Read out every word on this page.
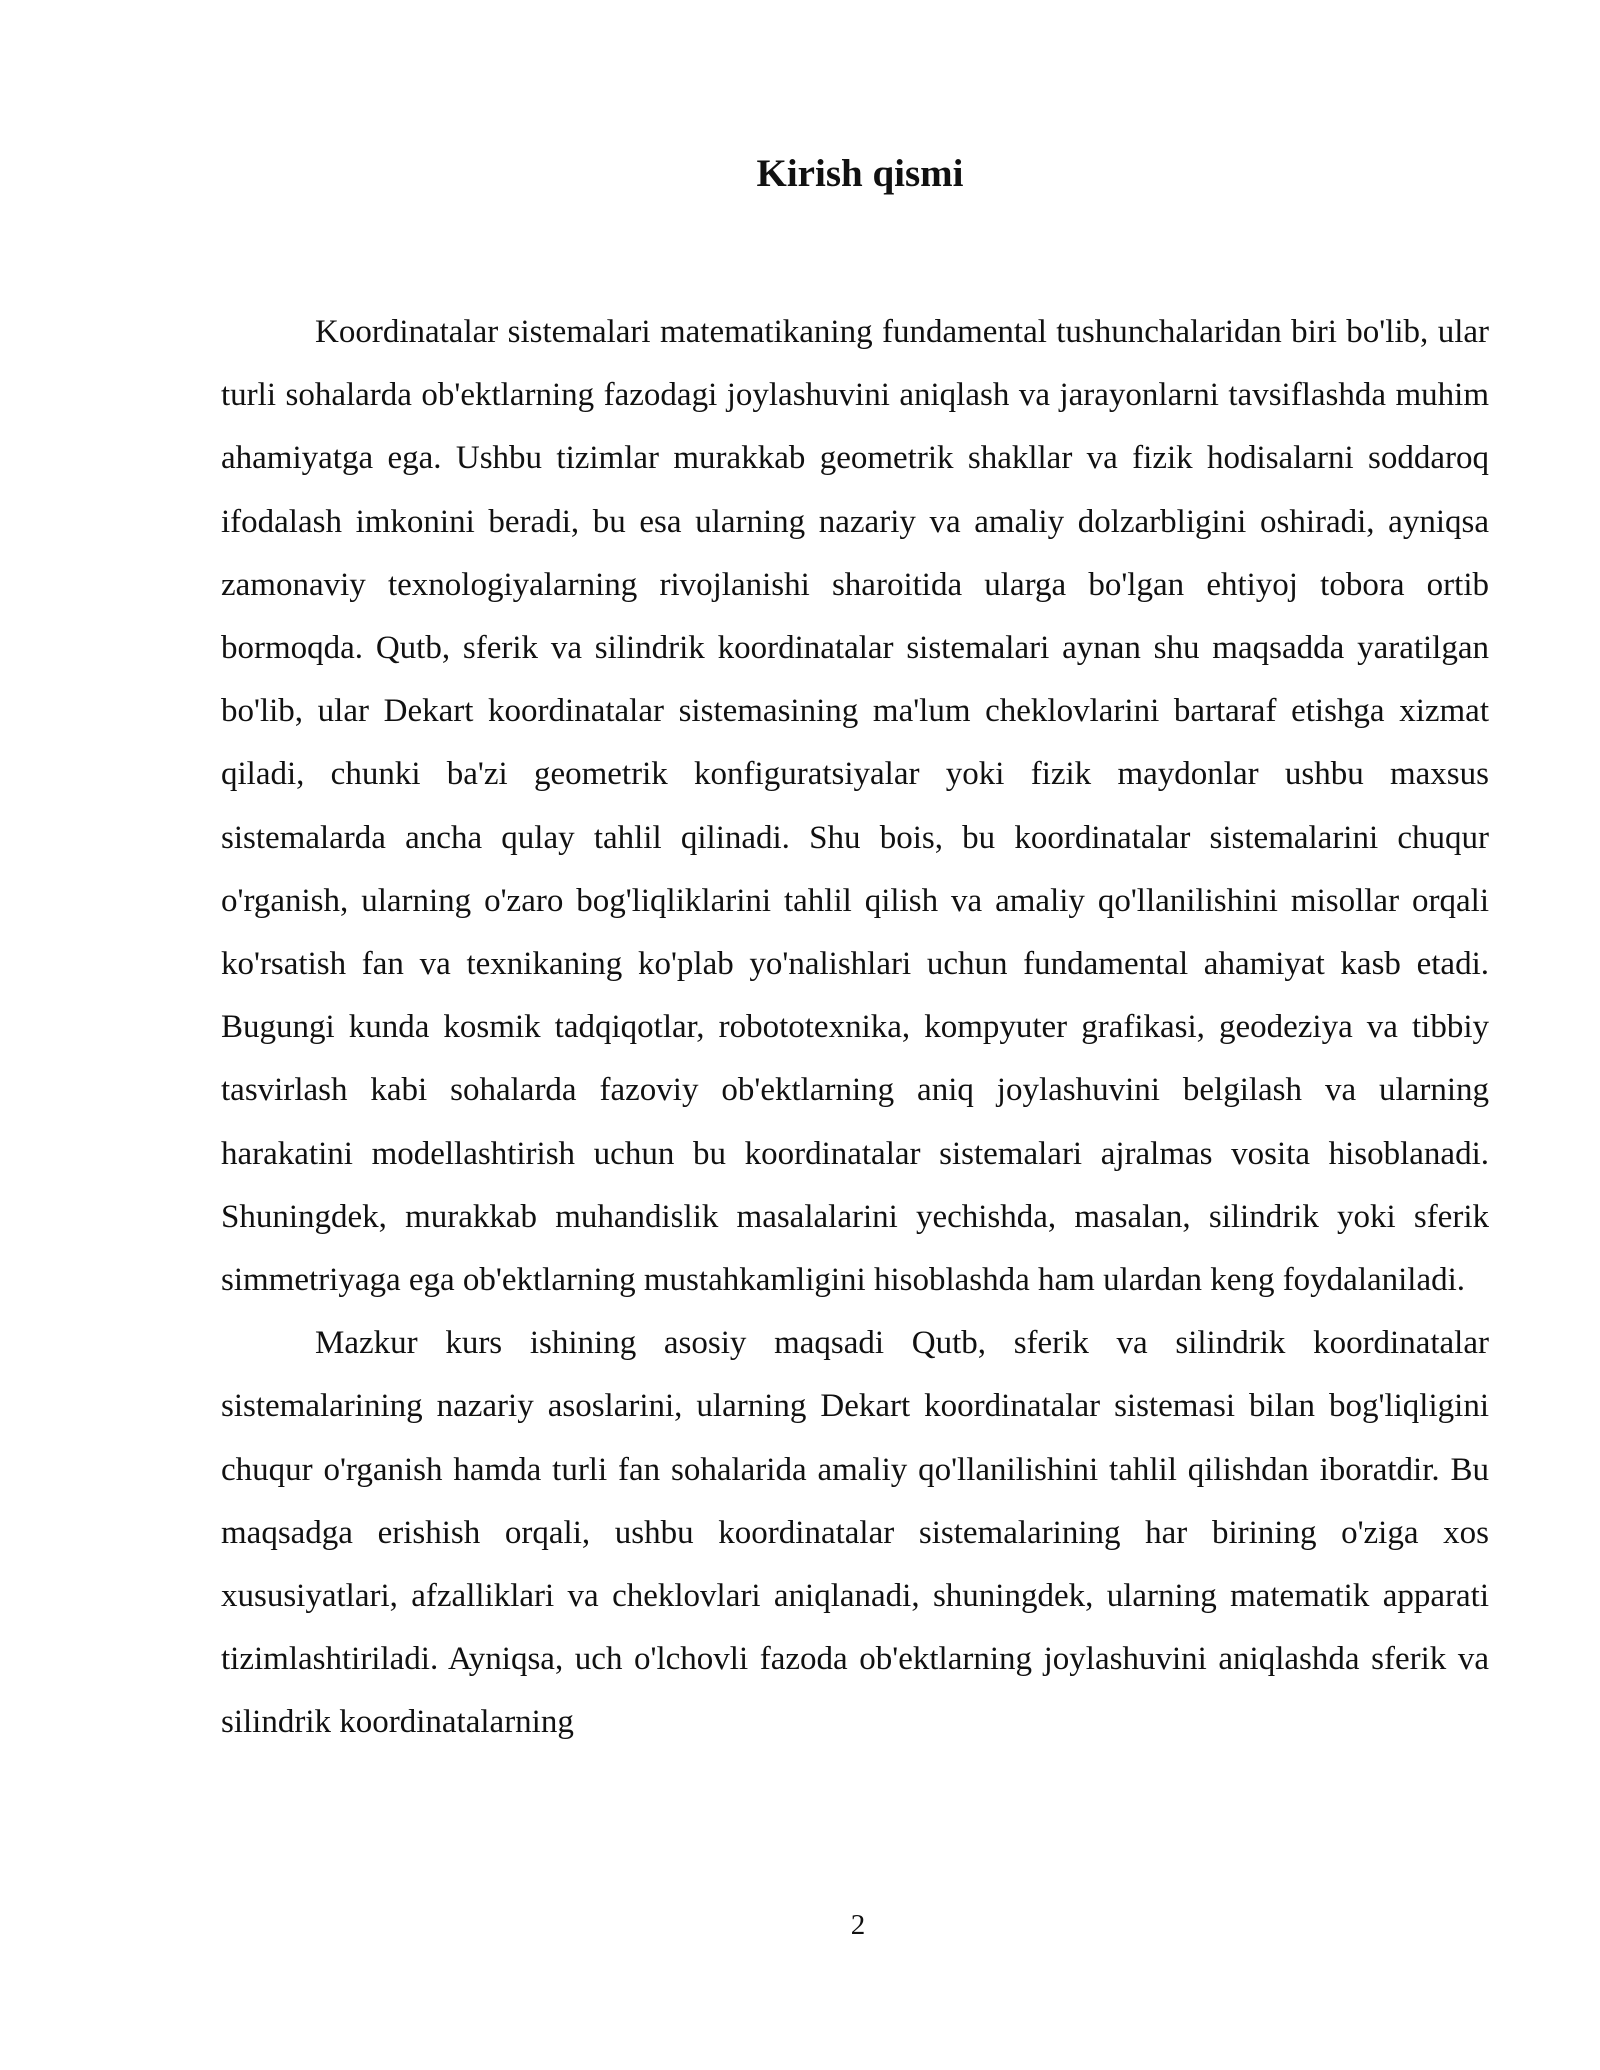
Kirish qismi

Koordinatalar sistemalari matematikaning fundamental tushunchalaridan biri bo'lib, ular turli sohalarda ob'ektlarning fazodagi joylashuvini aniqlash va jarayonlarni tavsiflashda muhim ahamiyatga ega. Ushbu tizimlar murakkab geometrik shakllar va fizik hodisalarni soddaroq ifodalash imkonini beradi, bu esa ularning nazariy va amaliy dolzarbligini oshiradi, ayniqsa zamonaviy texnologiyalarning rivojlanishi sharoitida ularga bo'lgan ehtiyoj tobora ortib bormoqda. Qutb, sferik va silindrik koordinatalar sistemalari aynan shu maqsadda yaratilgan bo'lib, ular Dekart koordinatalar sistemasining ma'lum cheklovlarini bartaraf etishga xizmat qiladi, chunki ba'zi geometrik konfiguratsiyalar yoki fizik maydonlar ushbu maxsus sistemalarda ancha qulay tahlil qilinadi. Shu bois, bu koordinatalar sistemalarini chuqur o'rganish, ularning o'zaro bog'liqliklarini tahlil qilish va amaliy qo'llanilishini misollar orqali ko'rsatish fan va texnikaning ko'plab yo'nalishlari uchun fundamental ahamiyat kasb etadi. Bugungi kunda kosmik tadqiqotlar, robototexnika, kompyuter grafikasi, geodeziya va tibbiy tasvirlash kabi sohalarda fazoviy ob'ektlarning aniq joylashuvini belgilash va ularning harakatini modellashtirish uchun bu koordinatalar sistemalari ajralmas vosita hisoblanadi. Shuningdek, murakkab muhandislik masalalarini yechishda, masalan, silindrik yoki sferik simmetriyaga ega ob'ektlarning mustahkamligini hisoblashda ham ulardan keng foydalaniladi.

Mazkur kurs ishining asosiy maqsadi Qutb, sferik va silindrik koordinatalar sistemalarining nazariy asoslarini, ularning Dekart koordinatalar sistemasi bilan bog'liqligini chuqur o'rganish hamda turli fan sohalarida amaliy qo'llanilishini tahlil qilishdan iboratdir. Bu maqsadga erishish orqali, ushbu koordinatalar sistemalarining har birining o'ziga xos xususiyatlari, afzalliklari va cheklovlari aniqlanadi, shuningdek, ularning matematik apparati tizimlashtiriladi. Ayniqsa, uch o'lchovli fazoda ob'ektlarning joylashuvini aniqlashda sferik va silindrik koordinatalarning

2
